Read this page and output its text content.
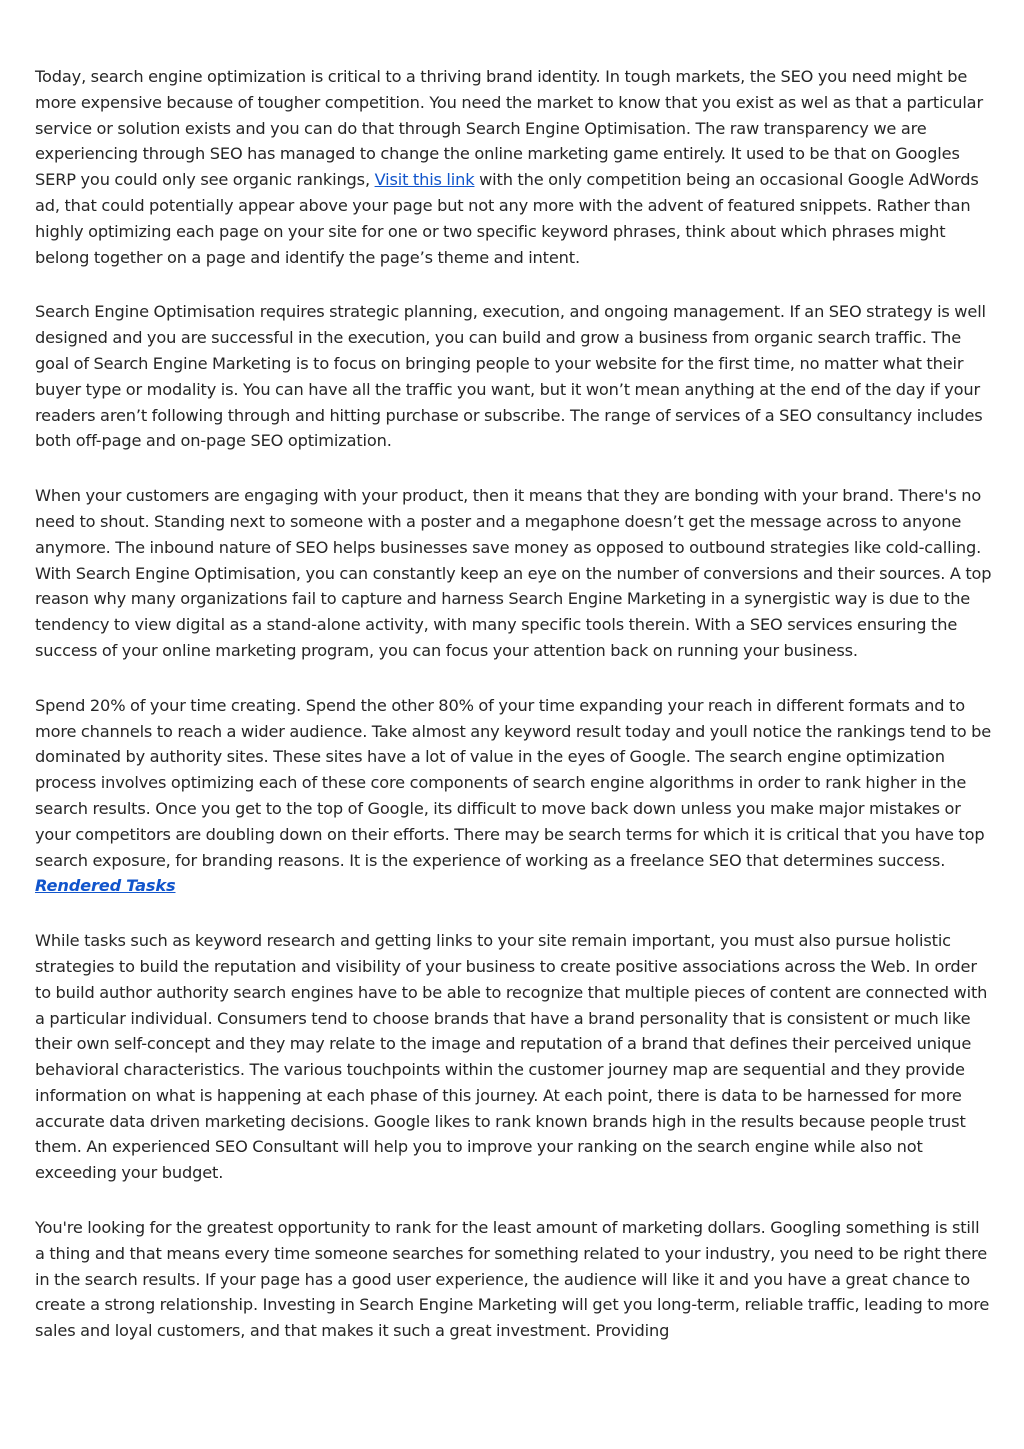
Today, search engine optimization is critical to a thriving brand identity. In tough markets, the SEO you need might be more expensive because of tougher competition. You need the market to know that you exist as wel as that a particular service or solution exists and you can do that through Search Engine Optimisation. The raw transparency we are experiencing through SEO has managed to change the online marketing game entirely. It used to be that on Googles SERP you could only see organic rankings, Visit this link with the only competition being an occasional Google AdWords ad, that could potentially appear above your page but not any more with the advent of featured snippets. Rather than highly optimizing each page on your site for one or two specific keyword phrases, think about which phrases might belong together on a page and identify the page’s theme and intent.

Search Engine Optimisation requires strategic planning, execution, and ongoing management. If an SEO strategy is well designed and you are successful in the execution, you can build and grow a business from organic search traffic. The goal of Search Engine Marketing is to focus on bringing people to your website for the first time, no matter what their buyer type or modality is. You can have all the traffic you want, but it won’t mean anything at the end of the day if your readers aren’t following through and hitting purchase or subscribe. The range of services of a SEO consultancy includes both off-page and on-page SEO optimization.

When your customers are engaging with your product, then it means that they are bonding with your brand. There's no need to shout. Standing next to someone with a poster and a megaphone doesn’t get the message across to anyone anymore. The inbound nature of SEO helps businesses save money as opposed to outbound strategies like cold-calling. With Search Engine Optimisation, you can constantly keep an eye on the number of conversions and their sources. A top reason why many organizations fail to capture and harness Search Engine Marketing in a synergistic way is due to the tendency to view digital as a stand-alone activity, with many specific tools therein. With a SEO services ensuring the success of your online marketing program, you can focus your attention back on running your business.

Spend 20% of your time creating. Spend the other 80% of your time expanding your reach in different formats and to more channels to reach a wider audience. Take almost any keyword result today and youll notice the rankings tend to be dominated by authority sites. These sites have a lot of value in the eyes of Google. The search engine optimization process involves optimizing each of these core components of search engine algorithms in order to rank higher in the search results. Once you get to the top of Google, its difficult to move back down unless you make major mistakes or your competitors are doubling down on their efforts. There may be search terms for which it is critical that you have top search exposure, for branding reasons. It is the experience of working as a freelance SEO that determines success. Rendered Tasks

While tasks such as keyword research and getting links to your site remain important, you must also pursue holistic strategies to build the reputation and visibility of your business to create positive associations across the Web. In order to build author authority search engines have to be able to recognize that multiple pieces of content are connected with a particular individual. Consumers tend to choose brands that have a brand personality that is consistent or much like their own self-concept and they may relate to the image and reputation of a brand that defines their perceived unique behavioral characteristics. The various touchpoints within the customer journey map are sequential and they provide information on what is happening at each phase of this journey. At each point, there is data to be harnessed for more accurate data driven marketing decisions. Google likes to rank known brands high in the results because people trust them. An experienced SEO Consultant will help you to improve your ranking on the search engine while also not exceeding your budget.

You're looking for the greatest opportunity to rank for the least amount of marketing dollars. Googling something is still a thing and that means every time someone searches for something related to your industry, you need to be right there in the search results. If your page has a good user experience, the audience will like it and you have a great chance to create a strong relationship. Investing in Search Engine Marketing will get you long-term, reliable traffic, leading to more sales and loyal customers, and that makes it such a great investment. Providing
